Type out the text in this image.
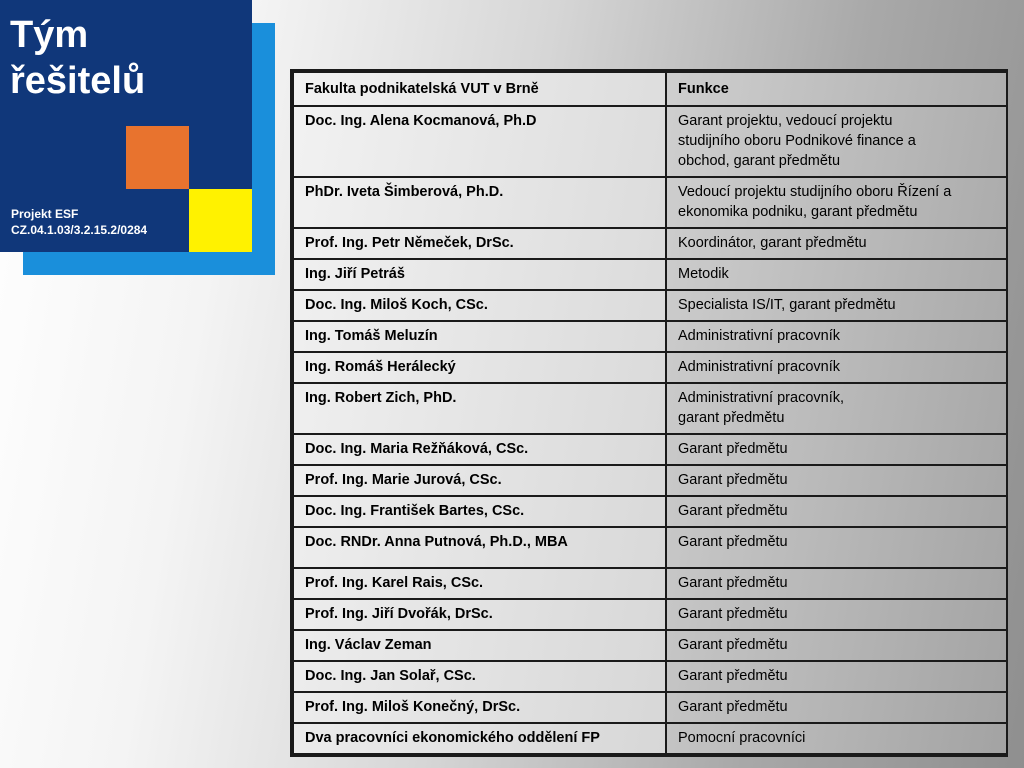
Tým
řešitelů
Projekt ESF
CZ.04.1.03/3.2.15.2/0284
Fakulta podnikatelská VUT v Brně	Funkce
Doc. Ing. Alena Kocmanová, Ph.D	Garant projektu, vedoucí projektu
studijního oboru Podnikové finance a
obchod, garant předmětu

PhDr. Iveta Šimberová, Ph.D.	Vedoucí projektu studijního oboru Řízení a
ekonomika podniku, garant předmětu

Prof. Ing. Petr Němeček, DrSc.	Koordinátor, garant předmětu

Ing. Jiří Petráš	Metodik

Doc. Ing. Miloš Koch, CSc.	Specialista IS/IT, garant předmětu

Ing. Tomáš Meluzín	Administrativní pracovník

Ing. Romáš Herálecký	Administrativní pracovník

Ing. Robert Zich, PhD.	Administrativní pracovník,
garant předmětu

Doc. Ing. Maria Režňáková, CSc.	Garant předmětu

Prof. Ing. Marie Jurová, CSc.	Garant předmětu

Doc. Ing. František Bartes, CSc.	Garant předmětu

Doc. RNDr. Anna Putnová, Ph.D., MBA	Garant předmětu

Prof. Ing. Karel Rais, CSc.	Garant předmětu

Prof. Ing. Jiří Dvořák, DrSc.	Garant předmětu

Ing. Václav Zeman	Garant předmětu

Doc. Ing. Jan Solař, CSc.	Garant předmětu

Prof. Ing. Miloš Konečný, DrSc.	Garant předmětu

Dva pracovníci ekonomického oddělení FP	Pomocní pracovníci
